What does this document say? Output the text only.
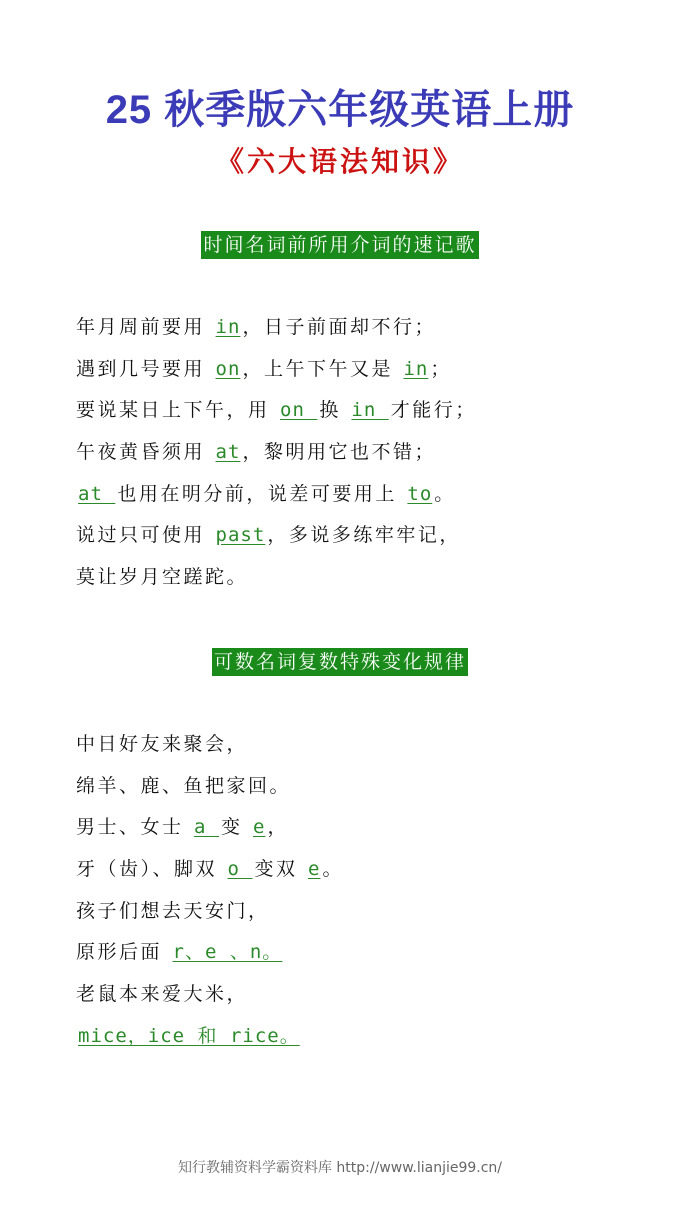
25 秋季版六年级英语上册
《六大语法知识》
时间名词前所用介词的速记歌
年月周前要用 in ，日子前面却不行；
遇到几号要用 on ，上午下午又是 in ；
要说某日上下午，用 on 换 in 才能行；
午夜黄昏须用 at ，黎明用它也不错；
at 也用在明分前，说差可要用上 to 。
说过只可使用 past ，多说多练牢牢记，
莫让岁月空蹉跎。
可数名词复数特殊变化规律
中日好友来聚会，
绵羊、鹿、鱼把家回。
男士、女士 a 变 e ，
牙（齿）、脚双 o 变双 e 。
孩子们想去天安门，
原形后面 r、e 、n。
老鼠本来爱大米，
mice，ice 和 rice。
知行教辅资料学霸资料库 http://www.lianjie99.cn/
